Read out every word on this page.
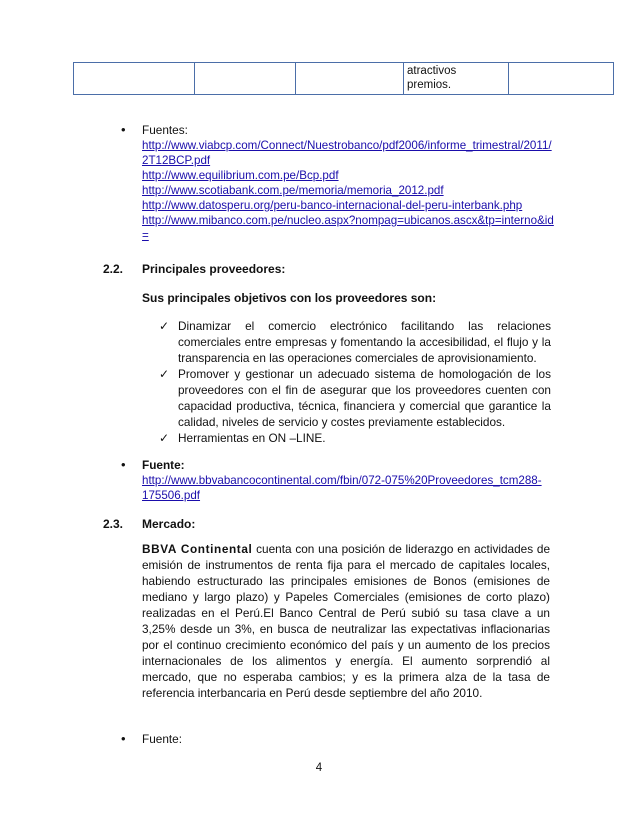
atractivos
premios.

• Fuentes:
http://www.viabcp.com/Connect/Nuestrobanco/pdf2006/informe_trimestral/2011/
2T12BCP.pdf
http://www.equilibrium.com.pe/Bcp.pdf
http://www.scotiabank.com.pe/memoria/memoria_2012.pdf
http://www.datosperu.org/peru-banco-internacional-del-peru-interbank.php
http://www.mibanco.com.pe/nucleo.aspx?nompag=ubicanos.ascx&tp=interno&id
=
2.2. Principales proveedores:
Sus principales objetivos con los proveedores son:
✓ Dinamizar el comercio electrónico facilitando las relaciones comerciales entre empresas y fomentando la accesibilidad, el flujo y la transparencia en las operaciones comerciales de aprovisionamiento.
✓ Promover y gestionar un adecuado sistema de homologación de los proveedores con el fin de asegurar que los proveedores cuenten con capacidad productiva, técnica, financiera y comercial que garantice la calidad, niveles de servicio y costes previamente establecidos.
✓ Herramientas en ON –LINE.
• Fuente:
http://www.bbvabancocontinental.com/fbin/072-075%20Proveedores_tcm288-
175506.pdf
2.3. Mercado:
BBVA Continental cuenta con una posición de liderazgo en actividades de emisión de instrumentos de renta fija para el mercado de capitales locales, habiendo estructurado las principales emisiones de Bonos (emisiones de mediano y largo plazo) y Papeles Comerciales (emisiones de corto plazo) realizadas en el Perú.El Banco Central de Perú subió su tasa clave a un 3,25% desde un 3%, en busca de neutralizar las expectativas inflacionarias por el continuo crecimiento económico del país y un aumento de los precios internacionales de los alimentos y energía. El aumento sorprendió al mercado, que no esperaba cambios; y es la primera alza de la tasa de referencia interbancaria en Perú desde septiembre del año 2010.
• Fuente:
4
